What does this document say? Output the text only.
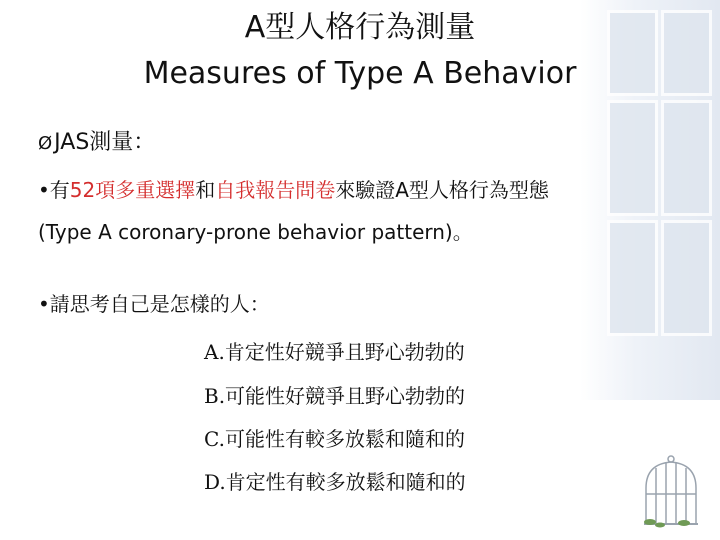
A型人格行為測量
Measures of Type A Behavior
ØJAS測量：
•有52項多重選擇和自我報告問卷來驗證A型人格行為型態
(Type A coronary-prone behavior pattern)。
•請思考自己是怎樣的人：
A.肯定性好競爭且野心勃勃的
B.可能性好競爭且野心勃勃的
C.可能性有較多放鬆和隨和的
D.肯定性有較多放鬆和隨和的
